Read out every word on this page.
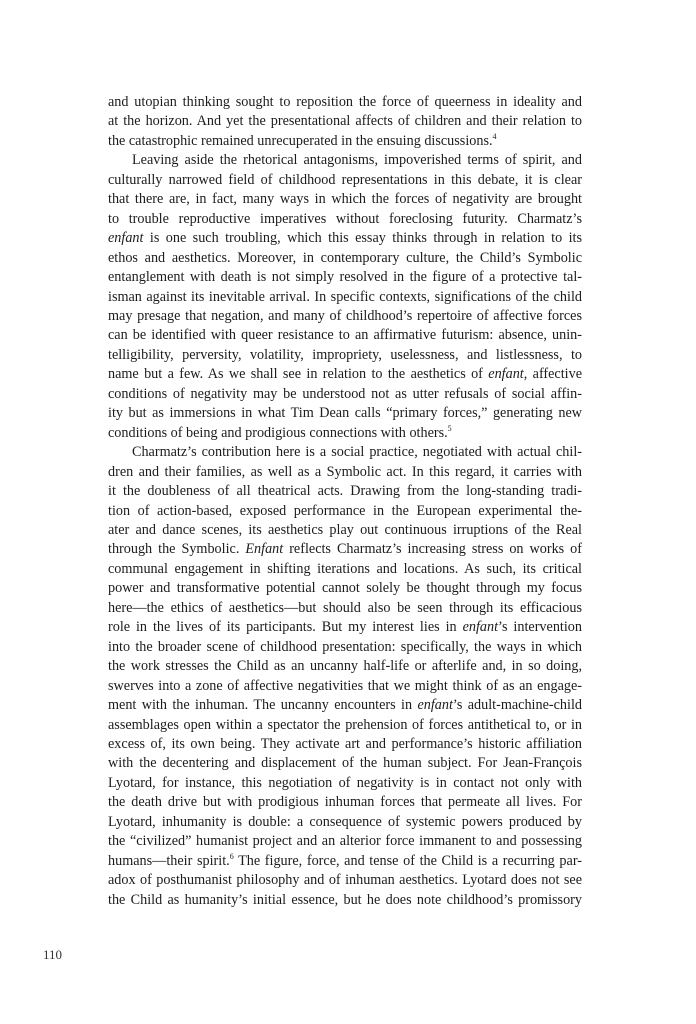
and utopian thinking sought to reposition the force of queerness in ideality and
at the horizon. And yet the presentational affects of children and their relation to
the catastrophic remained unrecuperated in the ensuing discussions.$^4$
Leaving aside the rhetorical antagonisms, impoverished terms of spirit, and
culturally narrowed field of childhood representations in this debate, it is clear
that there are, in fact, many ways in which the forces of negativity are brought
to trouble reproductive imperatives without foreclosing futurity. Charmatz’s
enfant is one such troubling, which this essay thinks through in relation to its
ethos and aesthetics. Moreover, in contemporary culture, the Child’s Symbolic
entanglement with death is not simply resolved in the figure of a protective tal-
isman against its inevitable arrival. In specific contexts, significations of the child
may presage that negation, and many of childhood’s repertoire of affective forces
can be identified with queer resistance to an affirmative futurism: absence, unin-
telligibility, perversity, volatility, impropriety, uselessness, and listlessness, to
name but a few. As we shall see in relation to the aesthetics of enfant, affective
conditions of negativity may be understood not as utter refusals of social affin-
ity but as immersions in what Tim Dean calls “primary forces,” generating new
conditions of being and prodigious connections with others.$^5$
Charmatz’s contribution here is a social practice, negotiated with actual chil-
dren and their families, as well as a Symbolic act. In this regard, it carries with
it the doubleness of all theatrical acts. Drawing from the long-standing tradi-
tion of action-based, exposed performance in the European experimental the-
ater and dance scenes, its aesthetics play out continuous irruptions of the Real
through the Symbolic. Enfant reflects Charmatz’s increasing stress on works of
communal engagement in shifting iterations and locations. As such, its critical
power and transformative potential cannot solely be thought through my focus
here—the ethics of aesthetics—but should also be seen through its efficacious
role in the lives of its participants. But my interest lies in enfant’s intervention
into the broader scene of childhood presentation: specifically, the ways in which
the work stresses the Child as an uncanny half-life or afterlife and, in so doing,
swerves into a zone of affective negativities that we might think of as an engage-
ment with the inhuman. The uncanny encounters in enfant’s adult-machine-child
assemblages open within a spectator the prehension of forces antithetical to, or in
excess of, its own being. They activate art and performance’s historic affiliation
with the decentering and displacement of the human subject. For Jean-François
Lyotard, for instance, this negotiation of negativity is in contact not only with
the death drive but with prodigious inhuman forces that permeate all lives. For
Lyotard, inhumanity is double: a consequence of systemic powers produced by
the “civilized” humanist project and an alterior force immanent to and possessing
humans—their spirit.$^6$ The figure, force, and tense of the Child is a recurring par-
adox of posthumanist philosophy and of inhuman aesthetics. Lyotard does not see
the Child as humanity’s initial essence, but he does note childhood’s promissory
110
